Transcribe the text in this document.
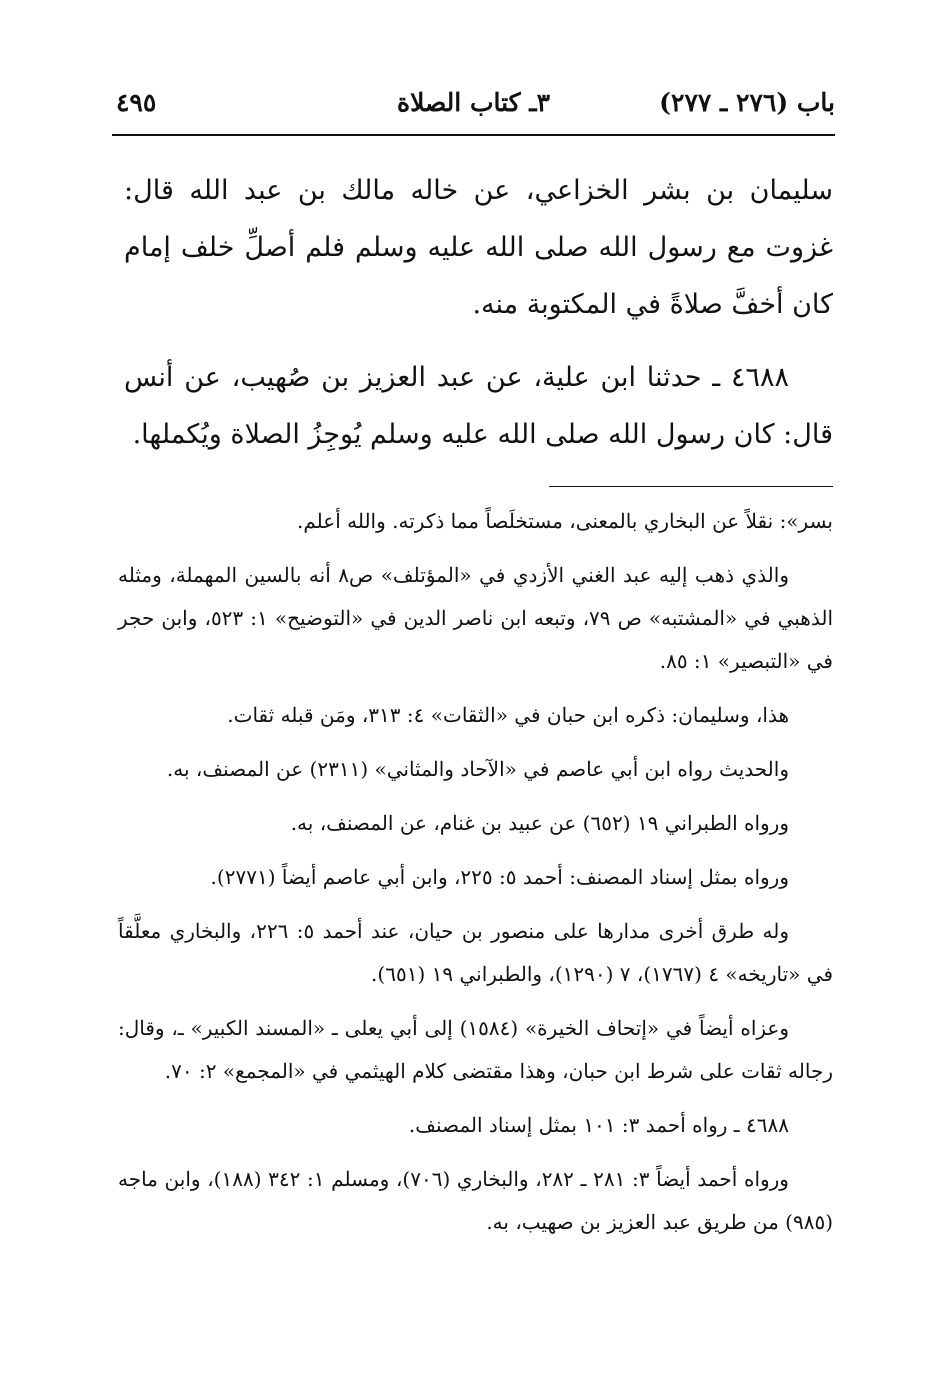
باب (٢٧٦ ـ ٢٧٧)
٣ـ كتاب الصلاة
٤٩٥

سليمان بن بشر الخزاعي، عن خاله مالك بن عبد الله قال: غزوت مع رسول الله صلى الله عليه وسلم فلم أصلِّ خلف إمام كان أخفَّ صلاةً في المكتوبة منه.

٤٦٨٨ ـ حدثنا ابن علية، عن عبد العزيز بن صُهيب، عن أنس قال: كان رسول الله صلى الله عليه وسلم يُوجِزُ الصلاة ويُكملها.

بسر»: نقلاً عن البخاري بالمعنى، مستخلَصاً مما ذكرته. والله أعلم.

والذي ذهب إليه عبد الغني الأزدي في «المؤتلف» ص٨ أنه بالسين المهملة، ومثله الذهبي في «المشتبه» ص ٧٩، وتبعه ابن ناصر الدين في «التوضيح» ١: ٥٢٣، وابن حجر في «التبصير» ١: ٨٥.

هذا، وسليمان: ذكره ابن حبان في «الثقات» ٤: ٣١٣، ومَن قبله ثقات.

والحديث رواه ابن أبي عاصم في «الآحاد والمثاني» (٢٣١١) عن المصنف، به.

ورواه الطبراني ١٩ (٦٥٢) عن عبيد بن غنام، عن المصنف، به.

ورواه بمثل إسناد المصنف: أحمد ٥: ٢٢٥، وابن أبي عاصم أيضاً (٢٧٧١).

وله طرق أخرى مدارها على منصور بن حيان، عند أحمد ٥: ٢٢٦، والبخاري معلَّقاً في «تاريخه» ٤ (١٧٦٧)، ٧ (١٢٩٠)، والطبراني ١٩ (٦٥١).

وعزاه أيضاً في «إتحاف الخيرة» (١٥٨٤) إلى أبي يعلى ـ «المسند الكبير» ـ، وقال: رجاله ثقات على شرط ابن حبان، وهذا مقتضى كلام الهيثمي في «المجمع» ٢: ٧٠.

٤٦٨٨ ـ رواه أحمد ٣: ١٠١ بمثل إسناد المصنف.

ورواه أحمد أيضاً ٣: ٢٨١ ـ ٢٨٢، والبخاري (٧٠٦)، ومسلم ١: ٣٤٢ (١٨٨)، وابن ماجه (٩٨٥) من طريق عبد العزيز بن صهيب، به.
